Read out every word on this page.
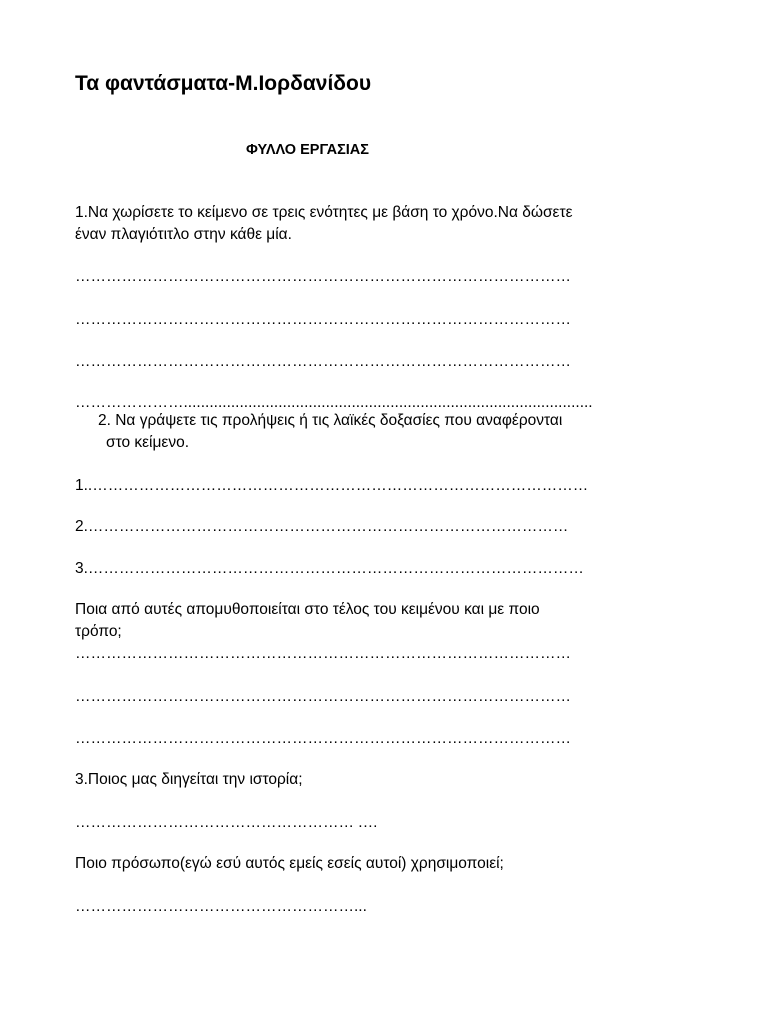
Τα φαντάσματα-Μ.Ιορδανίδου
ΦΥΛΛΟ ΕΡΓΑΣΙΑΣ
1.Να χωρίσετε το κείμενο σε τρεις ενότητες με βάση το χρόνο.Να δώσετε
έναν πλαγιότιτλο στην κάθε μία.
……………………………………………………………………………………
……………………………………………………………………………………
……………………………………………………………………………………
…………………...............................................................................................
2. Να γράψετε τις προλήψεις ή τις λαϊκές δοξασίες που αναφέρονται
στο κείμενο.
1..……………………………………………………………………………………
2.…………………………………………………………………………………
3.……………………………………………………………………………………
Ποια από αυτές απομυθοποιείται στο τέλος του κειμένου και με ποιο
τρόπο;
……………………………………………………………………………………
……………………………………………………………………………………
……………………………………………………………………………………
3.Ποιος μας διηγείται την ιστορία;
……………………………………………… .…
Ποιο πρόσωπο(εγώ εσύ αυτός εμείς εσείς αυτοί) χρησιμοποιεί;
………………………………………………...
